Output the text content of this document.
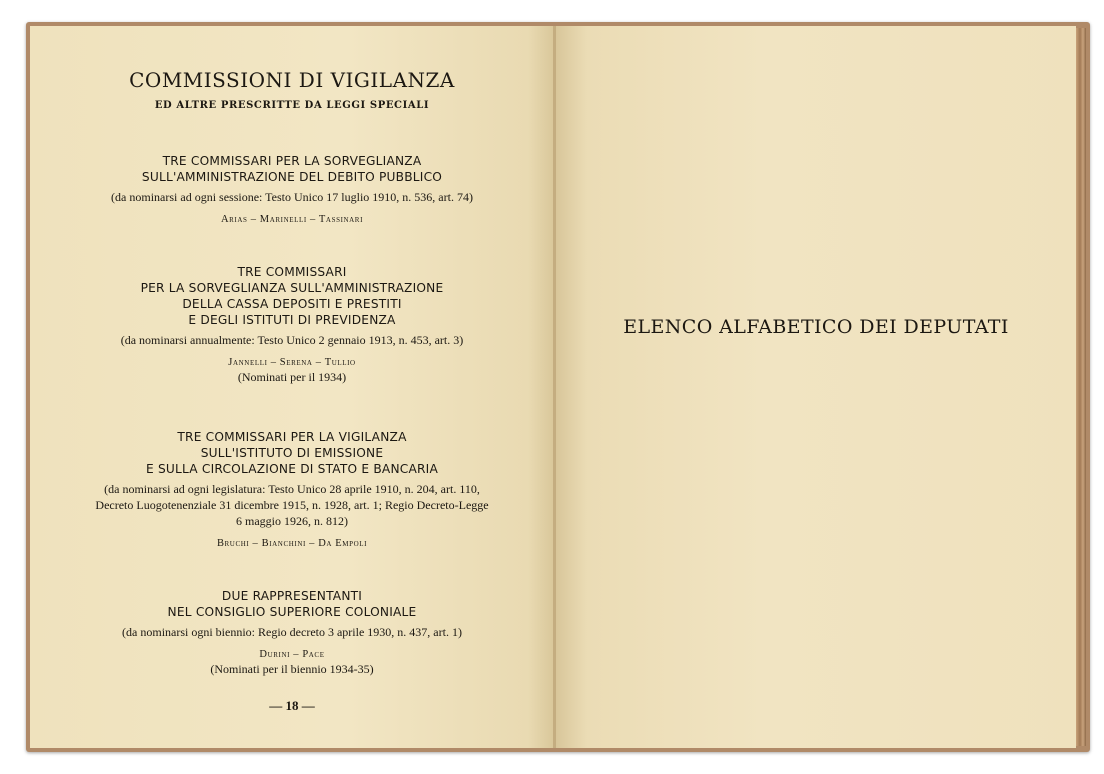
COMMISSIONI DI VIGILANZA
ED ALTRE PRESCRITTE DA LEGGI SPECIALI
TRE COMMISSARI PER LA SORVEGLIANZA
SULL'AMMINISTRAZIONE DEL DEBITO PUBBLICO
(da nominarsi ad ogni sessione: Testo Unico 17 luglio 1910, n. 536, art. 74)
Arias – Marinelli – Tassinari
TRE COMMISSARI
PER LA SORVEGLIANZA SULL'AMMINISTRAZIONE
DELLA CASSA DEPOSITI E PRESTITI
E DEGLI ISTITUTI DI PREVIDENZA
(da nominarsi annualmente: Testo Unico 2 gennaio 1913, n. 453, art. 3)
Jannelli – Serena – Tullio
(Nominati per il 1934)
TRE COMMISSARI PER LA VIGILANZA
SULL'ISTITUTO DI EMISSIONE
E SULLA CIRCOLAZIONE DI STATO E BANCARIA
(da nominarsi ad ogni legislatura: Testo Unico 28 aprile 1910, n. 204, art. 110,
Decreto Luogotenenziale 31 dicembre 1915, n. 1928, art. 1; Regio Decreto-Legge
6 maggio 1926, n. 812)
Bruchi – Bianchini – Da Empoli
DUE RAPPRESENTANTI
NEL CONSIGLIO SUPERIORE COLONIALE
(da nominarsi ogni biennio: Regio decreto 3 aprile 1930, n. 437, art. 1)
Durini – Pace
(Nominati per il biennio 1934-35)
— 18 —
ELENCO ALFABETICO DEI DEPUTATI
